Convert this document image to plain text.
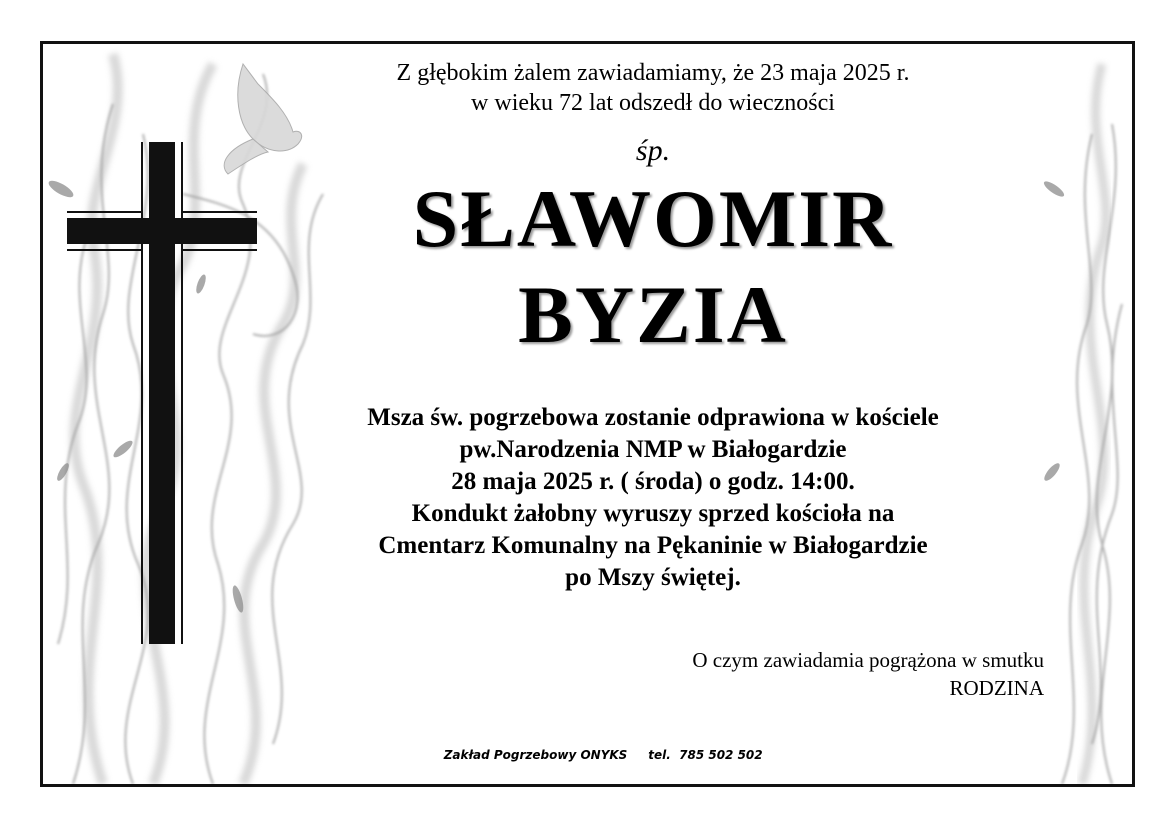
Z głębokim żalem zawiadamiamy, że 23 maja 2025 r.
w wieku 72 lat odszedł do wieczności
śp.
SŁAWOMIR
BYZIA
Msza św. pogrzebowa zostanie odprawiona w kościele
pw.Narodzenia NMP w Białogardzie
28 maja 2025 r. ( środa) o godz. 14:00.
Kondukt żałobny wyruszy sprzed kościoła na
Cmentarz Komunalny na Pękaninie w Białogardzie
po Mszy świętej.
O czym zawiadamia pogrążona w smutku
RODZINA

Zakład Pogrzebowy ONYKS tel. 785 502 502
